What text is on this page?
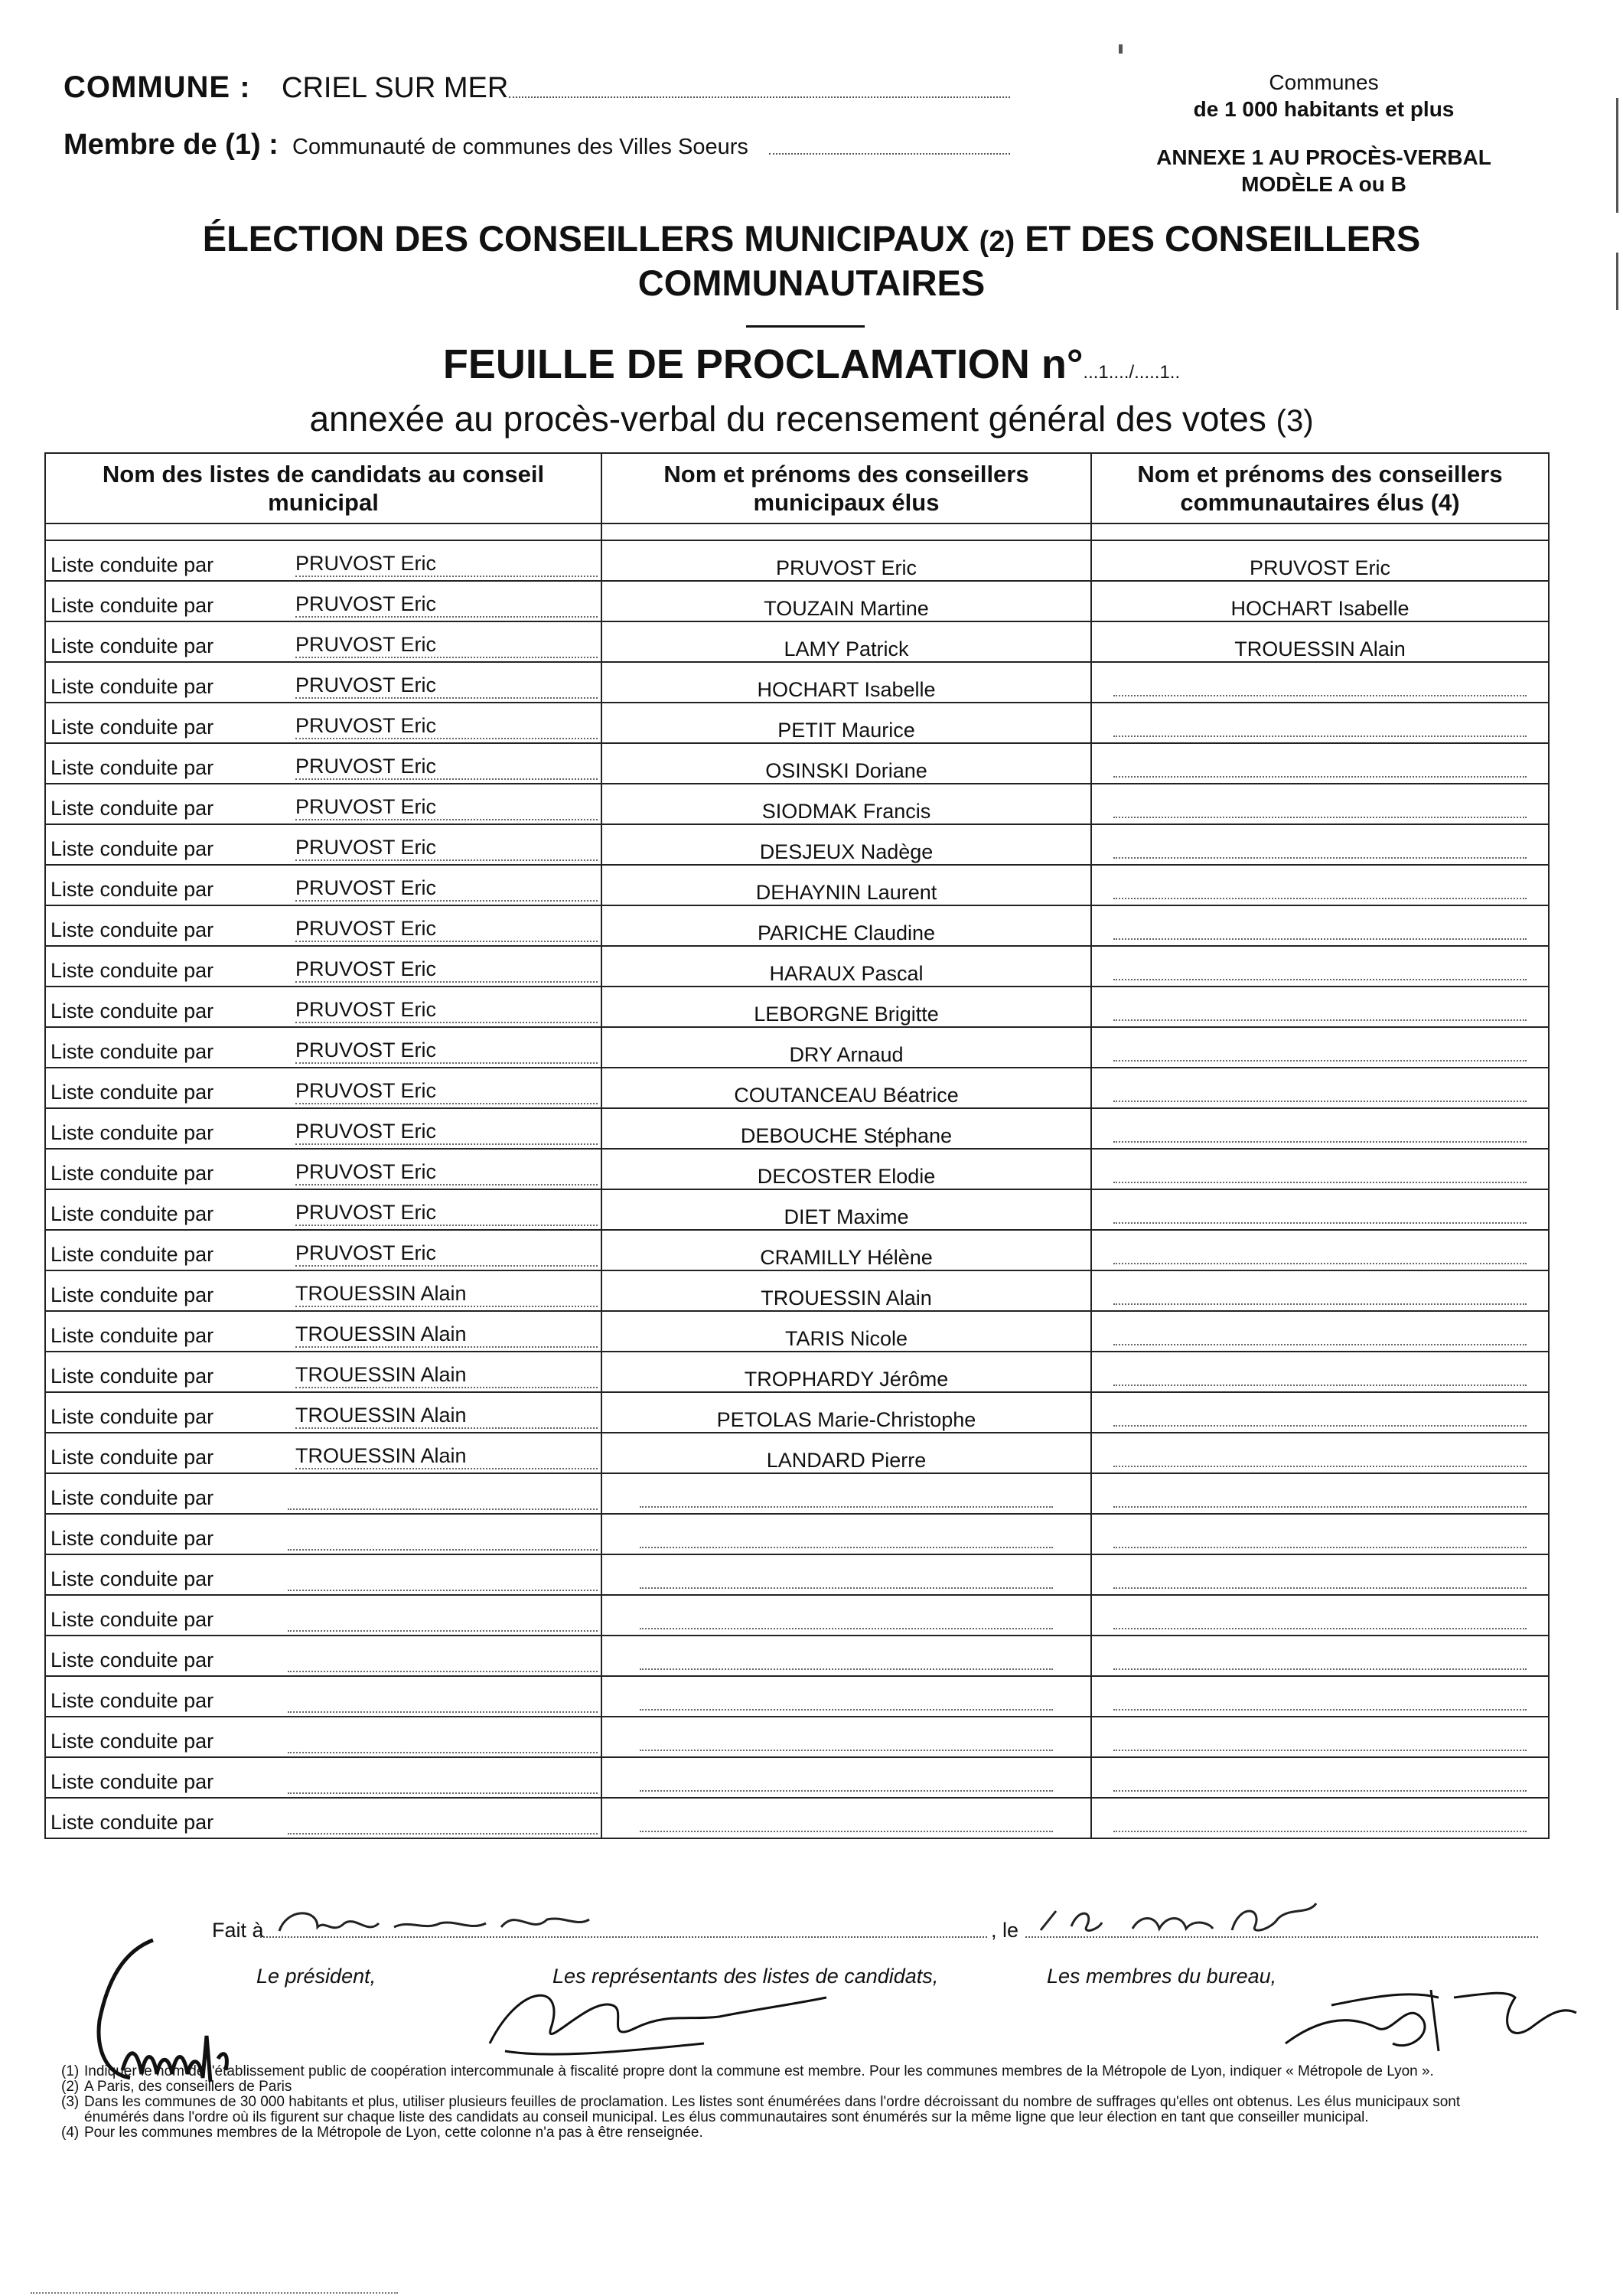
COMMUNE : CRIEL SUR MER
Membre de (1) : Communauté de communes des Villes Soeurs
Communes
de 1 000 habitants et plus
ANNEXE 1 AU PROCÈS-VERBAL
MODÈLE A ou B
ÉLECTION DES CONSEILLERS MUNICIPAUX (2) ET DES CONSEILLERS
COMMUNAUTAIRES
FEUILLE DE PROCLAMATION n°...1..../.....1..
annexée au procès-verbal du recensement général des votes (3)
Nom des listes de candidats au conseil municipal	Nom et prénoms des conseillers municipaux élus	Nom et prénoms des conseillers communautaires élus (4)

Liste conduite par PRUVOST Eric	PRUVOST Eric	PRUVOST Eric

Liste conduite par PRUVOST Eric	TOUZAIN Martine	HOCHART Isabelle

Liste conduite par PRUVOST Eric	LAMY Patrick	TROUESSIN Alain

Liste conduite par PRUVOST Eric	HOCHART Isabelle	

Liste conduite par PRUVOST Eric	PETIT Maurice	

Liste conduite par PRUVOST Eric	OSINSKI Doriane	

Liste conduite par PRUVOST Eric	SIODMAK Francis	

Liste conduite par PRUVOST Eric	DESJEUX Nadège	

Liste conduite par PRUVOST Eric	DEHAYNIN Laurent	

Liste conduite par PRUVOST Eric	PARICHE Claudine	

Liste conduite par PRUVOST Eric	HARAUX Pascal	

Liste conduite par PRUVOST Eric	LEBORGNE Brigitte	

Liste conduite par PRUVOST Eric	DRY Arnaud	

Liste conduite par PRUVOST Eric	COUTANCEAU Béatrice	

Liste conduite par PRUVOST Eric	DEBOUCHE Stéphane	

Liste conduite par PRUVOST Eric	DECOSTER Elodie	

Liste conduite par PRUVOST Eric	DIET Maxime	

Liste conduite par PRUVOST Eric	CRAMILLY Hélène	

Liste conduite par TROUESSIN Alain	TROUESSIN Alain	

Liste conduite par TROUESSIN Alain	TARIS Nicole	

Liste conduite par TROUESSIN Alain	TROPHARDY Jérôme	

Liste conduite par TROUESSIN Alain	PETOLAS Marie-Christophe	

Liste conduite par TROUESSIN Alain	LANDARD Pierre	

Liste conduite par		

Liste conduite par		

Liste conduite par		

Liste conduite par		

Liste conduite par		

Liste conduite par		

Liste conduite par		

Liste conduite par		

Liste conduite par		

Fait à	, le
Le président,	Les représentants des listes de candidats,	Les membres du bureau,
(1) Indiquer le nom de l'établissement public de coopération intercommunale à fiscalité propre dont la commune est membre. Pour les communes membres de la Métropole de Lyon, indiquer « Métropole de Lyon ».
(2) A Paris, des conseillers de Paris
(3) Dans les communes de 30 000 habitants et plus, utiliser plusieurs feuilles de proclamation. Les listes sont énumérées dans l'ordre décroissant du nombre de suffrages qu'elles ont obtenus. Les élus municipaux sont énumérés dans l'ordre où ils figurent sur chaque liste des candidats au conseil municipal. Les élus communautaires sont énumérés sur la même ligne que leur élection en tant que conseiller municipal.
(4) Pour les communes membres de la Métropole de Lyon, cette colonne n'a pas à être renseignée.
